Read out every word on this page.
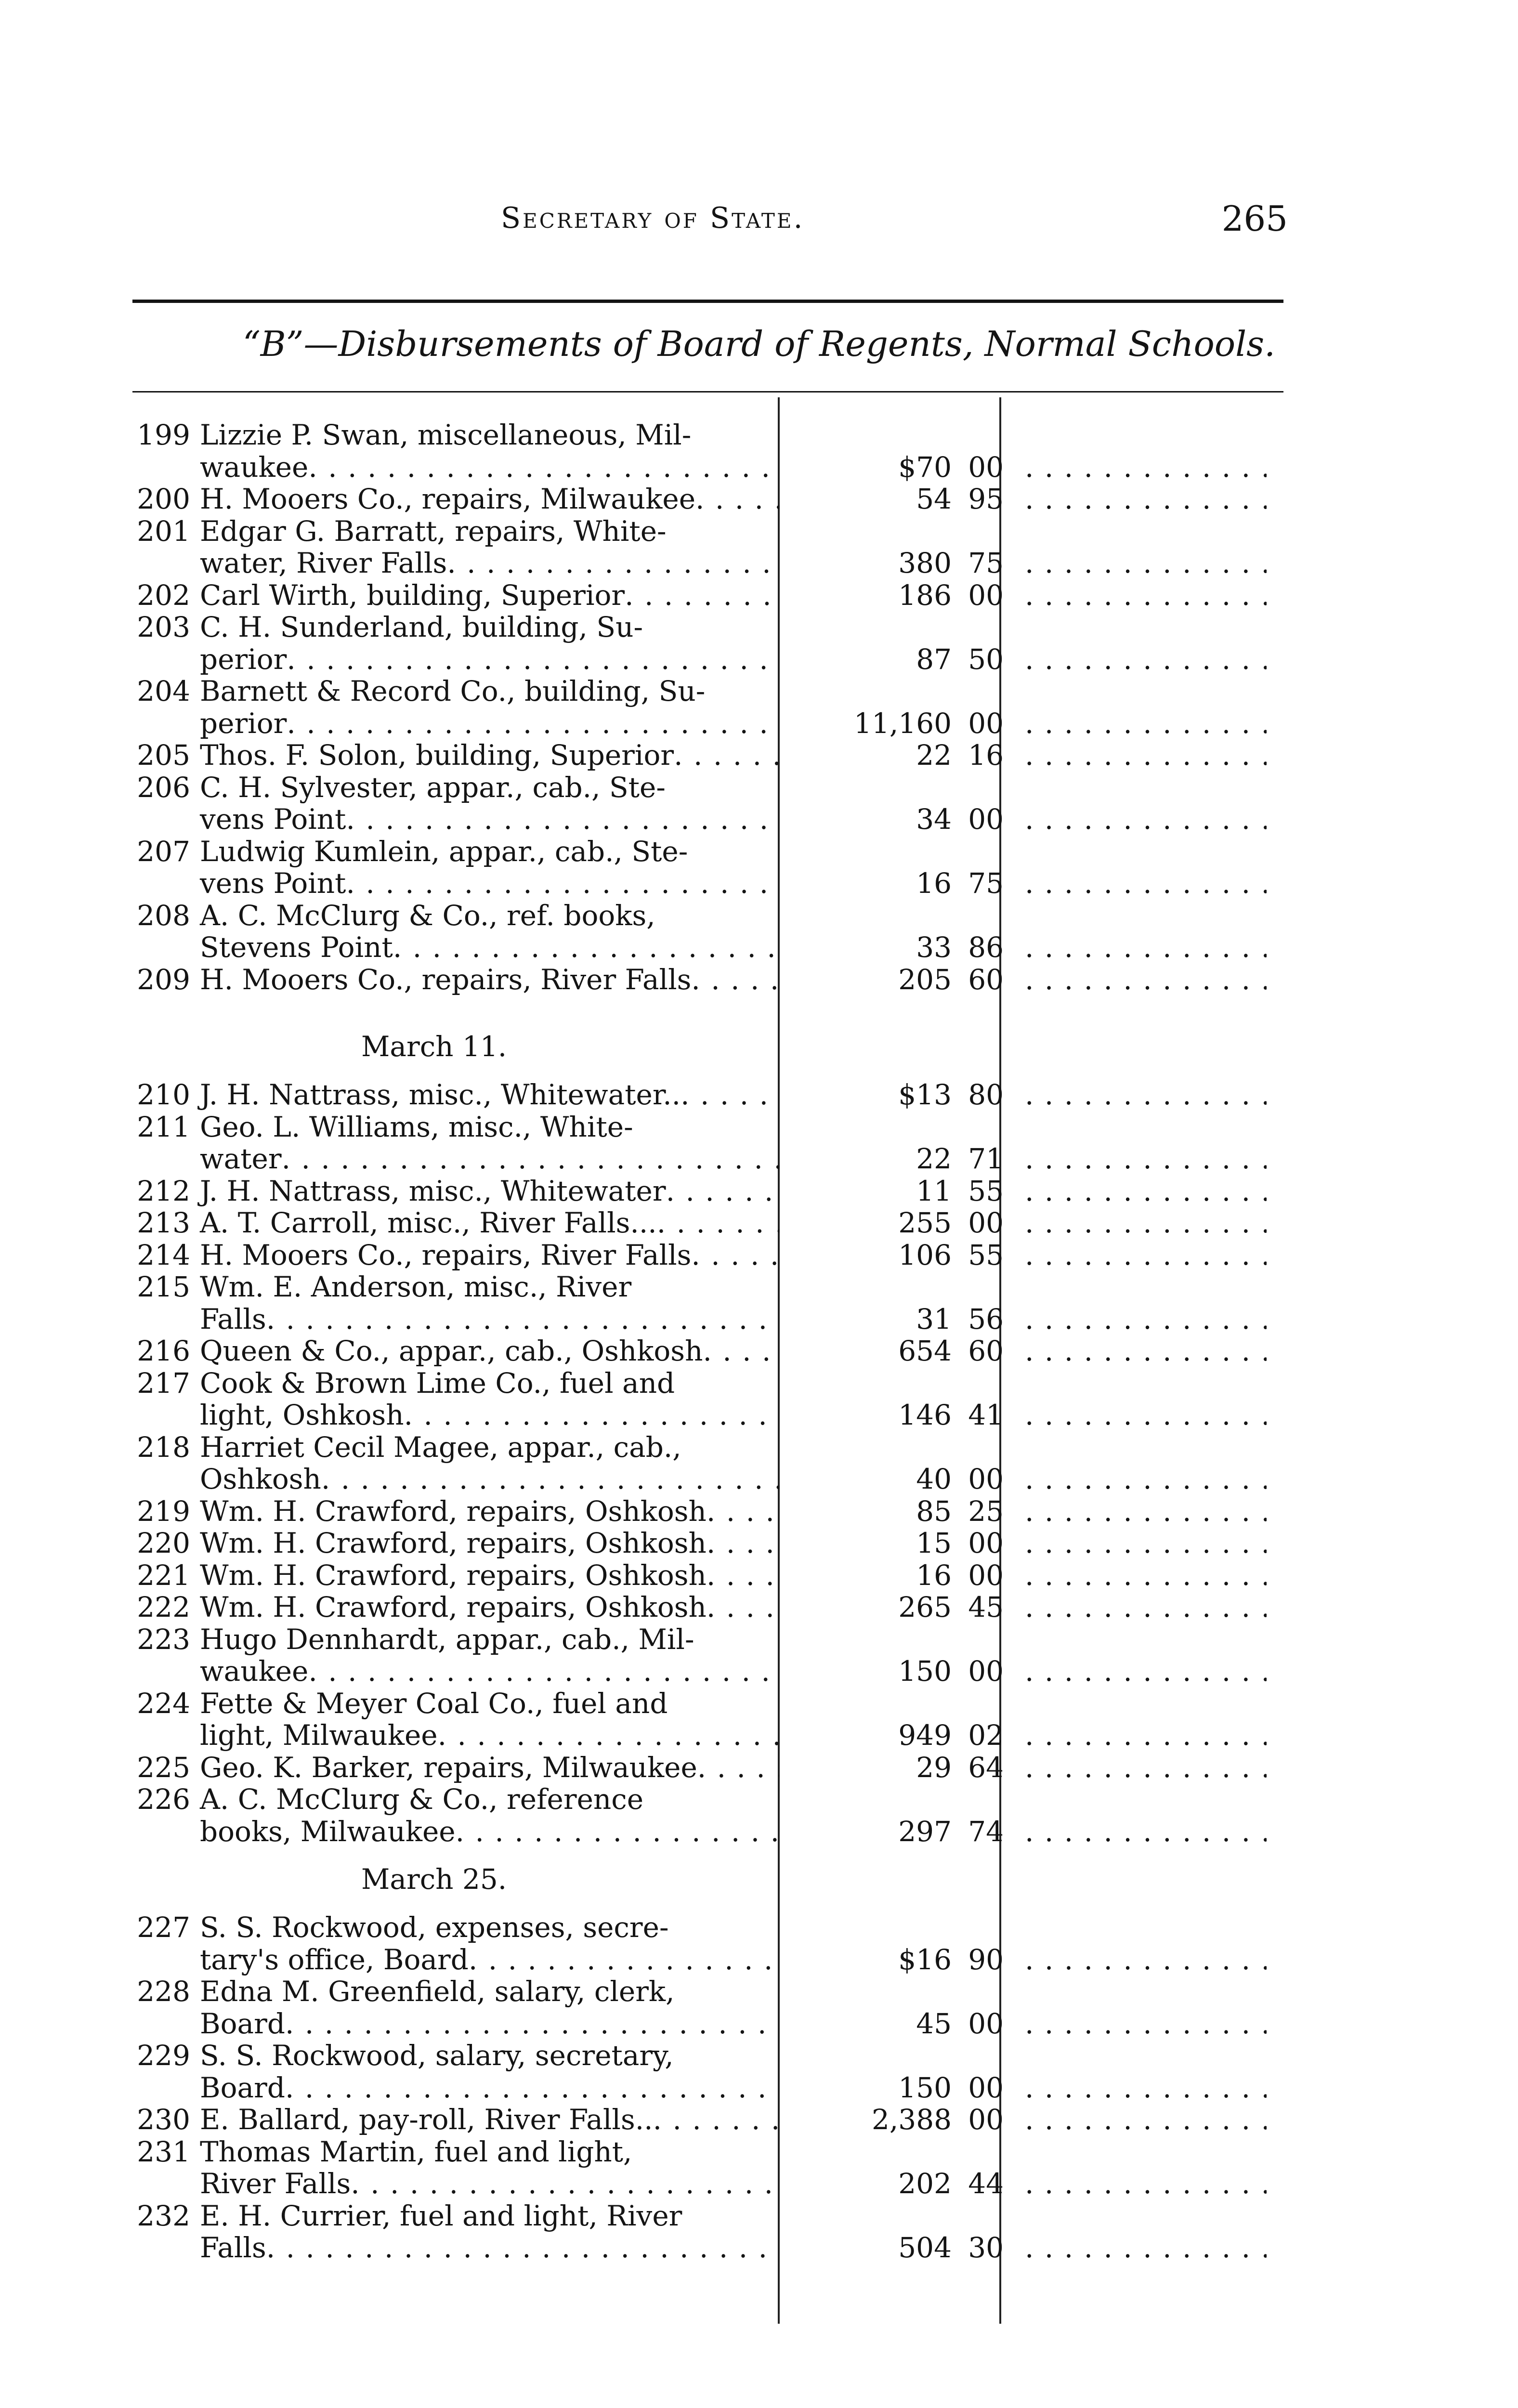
Secretary of State.	265
“B”—Disbursements of Board of Regents, Normal Schools.
199 Lizzie P. Swan, miscellaneous, Mil-
waukee . . .	$70 00
. . .
200 H. Mooers Co., repairs, Milwaukee . . .	54 95
. . .
201 Edgar G. Barratt, repairs, White-
water, River Falls . . .	380 75
. . .
202 Carl Wirth, building, Superior . . .	186 00
. . .
203 C. H. Sunderland, building, Su-
perior . . .	87 50
. . .
204 Barnett & Record Co., building, Su-
perior . . .	11,160 00
. . .
205 Thos. F. Solon, building, Superior . . .	22 16
. . .
206 C. H. Sylvester, appar., cab., Ste-
vens Point . . .	34 00
. . .
207 Ludwig Kumlein, appar., cab., Ste-
vens Point . . .	16 75
. . .
208 A. C. McClurg & Co., ref. books,
Stevens Point . . .	33 86
. . .
209 H. Mooers Co., repairs, River Falls . . .	205 60
. . .
March 11.
210 J. H. Nattrass, misc., Whitewater.. . . .	$13 80
. . .
211 Geo. L. Williams, misc., White-
water . . .	22 71
. . .
212 J. H. Nattrass, misc., Whitewater . . .	11 55
. . .
213 A. T. Carroll, misc., River Falls... . . .	255 00
. . .
214 H. Mooers Co., repairs, River Falls . . .	106 55
. . .
215 Wm. E. Anderson, misc., River
Falls . . .	31 56
. . .
216 Queen & Co., appar., cab., Oshkosh . . .	654 60
. . .
217 Cook & Brown Lime Co., fuel and
light, Oshkosh . . .	146 41
. . .
218 Harriet Cecil Magee, appar., cab.,
Oshkosh . . .	40 00
. . .
219 Wm. H. Crawford, repairs, Oshkosh . . .	85 25
. . .
220 Wm. H. Crawford, repairs, Oshkosh . . .	15 00
. . .
221 Wm. H. Crawford, repairs, Oshkosh . . .	16 00
. . .
222 Wm. H. Crawford, repairs, Oshkosh . . .	265 45
. . .
223 Hugo Dennhardt, appar., cab., Mil-
waukee . . .	150 00
. . .
224 Fette & Meyer Coal Co., fuel and
light, Milwaukee . . .	949 02
. . .
225 Geo. K. Barker, repairs, Milwaukee . . .	29 64
. . .
226 A. C. McClurg & Co., reference
books, Milwaukee . . .	297 74
. . .
March 25.
227 S. S. Rockwood, expenses, secre-
tary's office, Board . . .	$16 90
. . .
228 Edna M. Greenfield, salary, clerk,
Board . . .	45 00
. . .
229 S. S. Rockwood, salary, secretary,
Board . . .	150 00
. . .
230 E. Ballard, pay-roll, River Falls.. . . .	2,388 00
. . .
231 Thomas Martin, fuel and light,
River Falls . . .	202 44
. . .
232 E. H. Currier, fuel and light, River
Falls . . .	504 30
. . .
